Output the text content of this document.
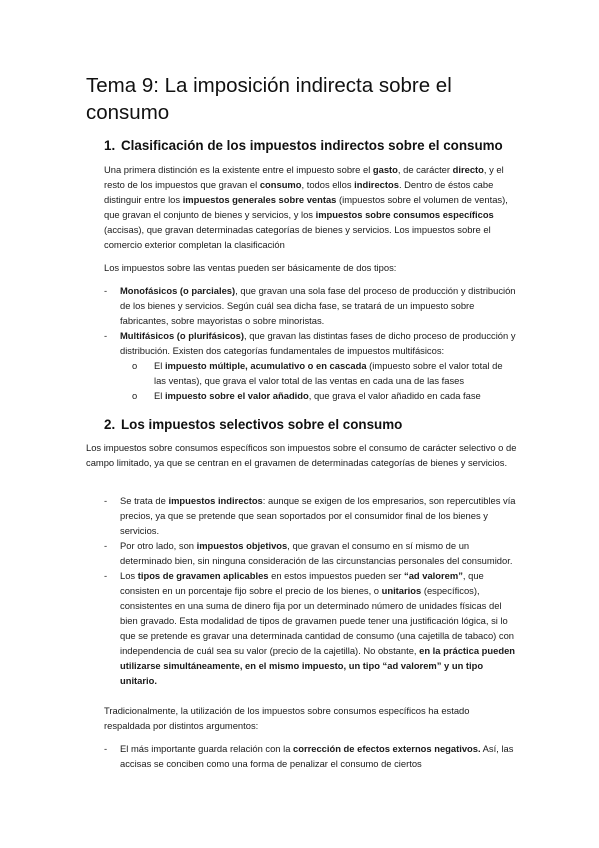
Tema 9: La imposición indirecta sobre el consumo
1. Clasificación de los impuestos indirectos sobre el consumo

Una primera distinción es la existente entre el impuesto sobre el gasto, de carácter directo, y el resto de los impuestos que gravan el consumo, todos ellos indirectos. Dentro de éstos cabe distinguir entre los impuestos generales sobre ventas (impuestos sobre el volumen de ventas), que gravan el conjunto de bienes y servicios, y los impuestos sobre consumos específicos (accisas), que gravan determinadas categorías de bienes y servicios. Los impuestos sobre el comercio exterior completan la clasificación

Los impuestos sobre las ventas pueden ser básicamente de dos tipos:

- Monofásicos (o parciales), que gravan una sola fase del proceso de producción y distribución de los bienes y servicios. Según cuál sea dicha fase, se tratará de un impuesto sobre fabricantes, sobre mayoristas o sobre minoristas.
- Multifásicos (o plurifásicos), que gravan las distintas fases de dicho proceso de producción y distribución. Existen dos categorías fundamentales de impuestos multifásicos:
o El impuesto múltiple, acumulativo o en cascada (impuesto sobre el valor total de las ventas), que grava el valor total de las ventas en cada una de las fases
o El impuesto sobre el valor añadido, que grava el valor añadido en cada fase
2. Los impuestos selectivos sobre el consumo

Los impuestos sobre consumos específicos son impuestos sobre el consumo de carácter selectivo o de campo limitado, ya que se centran en el gravamen de determinadas categorías de bienes y servicios.

- Se trata de impuestos indirectos: aunque se exigen de los empresarios, son repercutibles vía precios, ya que se pretende que sean soportados por el consumidor final de los bienes y servicios.
- Por otro lado, son impuestos objetivos, que gravan el consumo en sí mismo de un determinado bien, sin ninguna consideración de las circunstancias personales del consumidor.
- Los tipos de gravamen aplicables en estos impuestos pueden ser “ad valorem”, que consisten en un porcentaje fijo sobre el precio de los bienes, o unitarios (específicos), consistentes en una suma de dinero fija por un determinado número de unidades físicas del bien gravado. Esta modalidad de tipos de gravamen puede tener una justificación lógica, si lo que se pretende es gravar una determinada cantidad de consumo (una cajetilla de tabaco) con independencia de cuál sea su valor (precio de la cajetilla). No obstante, en la práctica pueden utilizarse simultáneamente, en el mismo impuesto, un tipo “ad valorem” y un tipo unitario.

Tradicionalmente, la utilización de los impuestos sobre consumos específicos ha estado respaldada por distintos argumentos:

- El más importante guarda relación con la corrección de efectos externos negativos. Así, las accisas se conciben como una forma de penalizar el consumo de ciertos
